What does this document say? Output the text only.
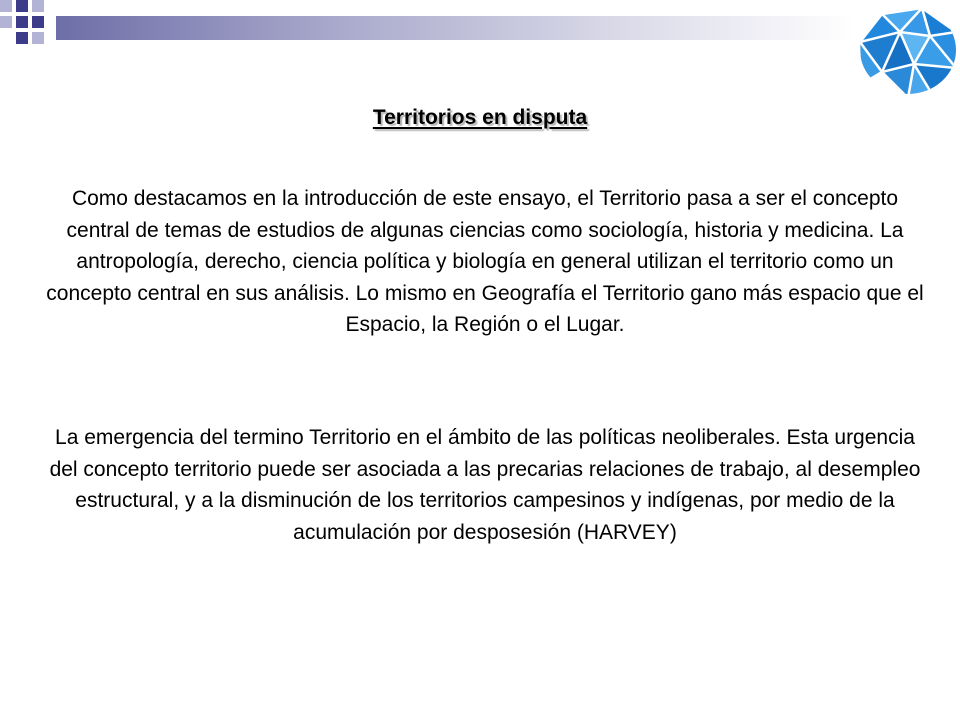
Territorios en disputa

Como destacamos en la introducción de este ensayo, el Territorio pasa a ser el concepto central de temas de estudios de algunas ciencias como sociología, historia y medicina. La antropología, derecho, ciencia política y biología en general utilizan el territorio como un concepto central en sus análisis. Lo mismo en Geografía el Territorio gano más espacio que el Espacio, la Región o el Lugar.

La emergencia del termino Territorio en el ámbito de las políticas neoliberales. Esta urgencia del concepto territorio puede ser asociada a las precarias relaciones de trabajo, al desempleo estructural, y a la disminución de los territorios campesinos y indígenas, por medio de la acumulación por desposesión (HARVEY)
